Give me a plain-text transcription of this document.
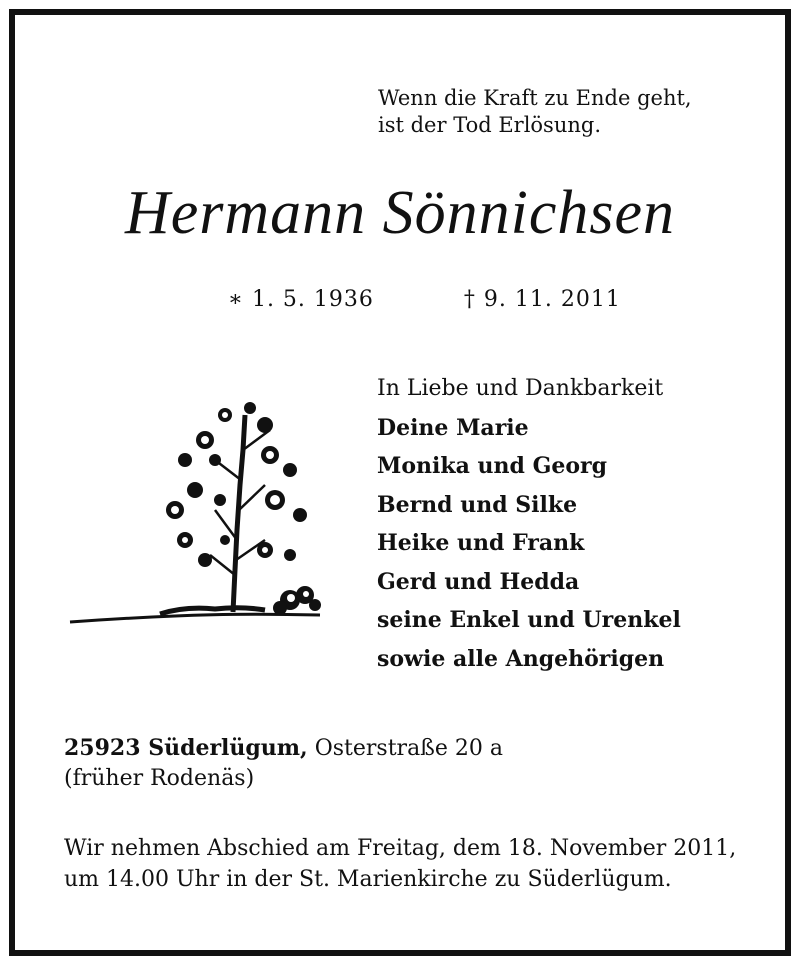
Wenn die Kraft zu Ende geht,
ist der Tod Erlösung.
Hermann Sönnichsen
∗ 1. 5. 1936	† 9. 11. 2011
In Liebe und Dankbarkeit
Deine Marie
Monika und Georg
Bernd und Silke
Heike und Frank
Gerd und Hedda
seine Enkel und Urenkel
sowie alle Angehörigen
25923 Süderlügum, Osterstraße 20 a
(früher Rodenäs)
Wir nehmen Abschied am Freitag, dem 18. November 2011,
um 14.00 Uhr in der St. Marienkirche zu Süderlügum.
